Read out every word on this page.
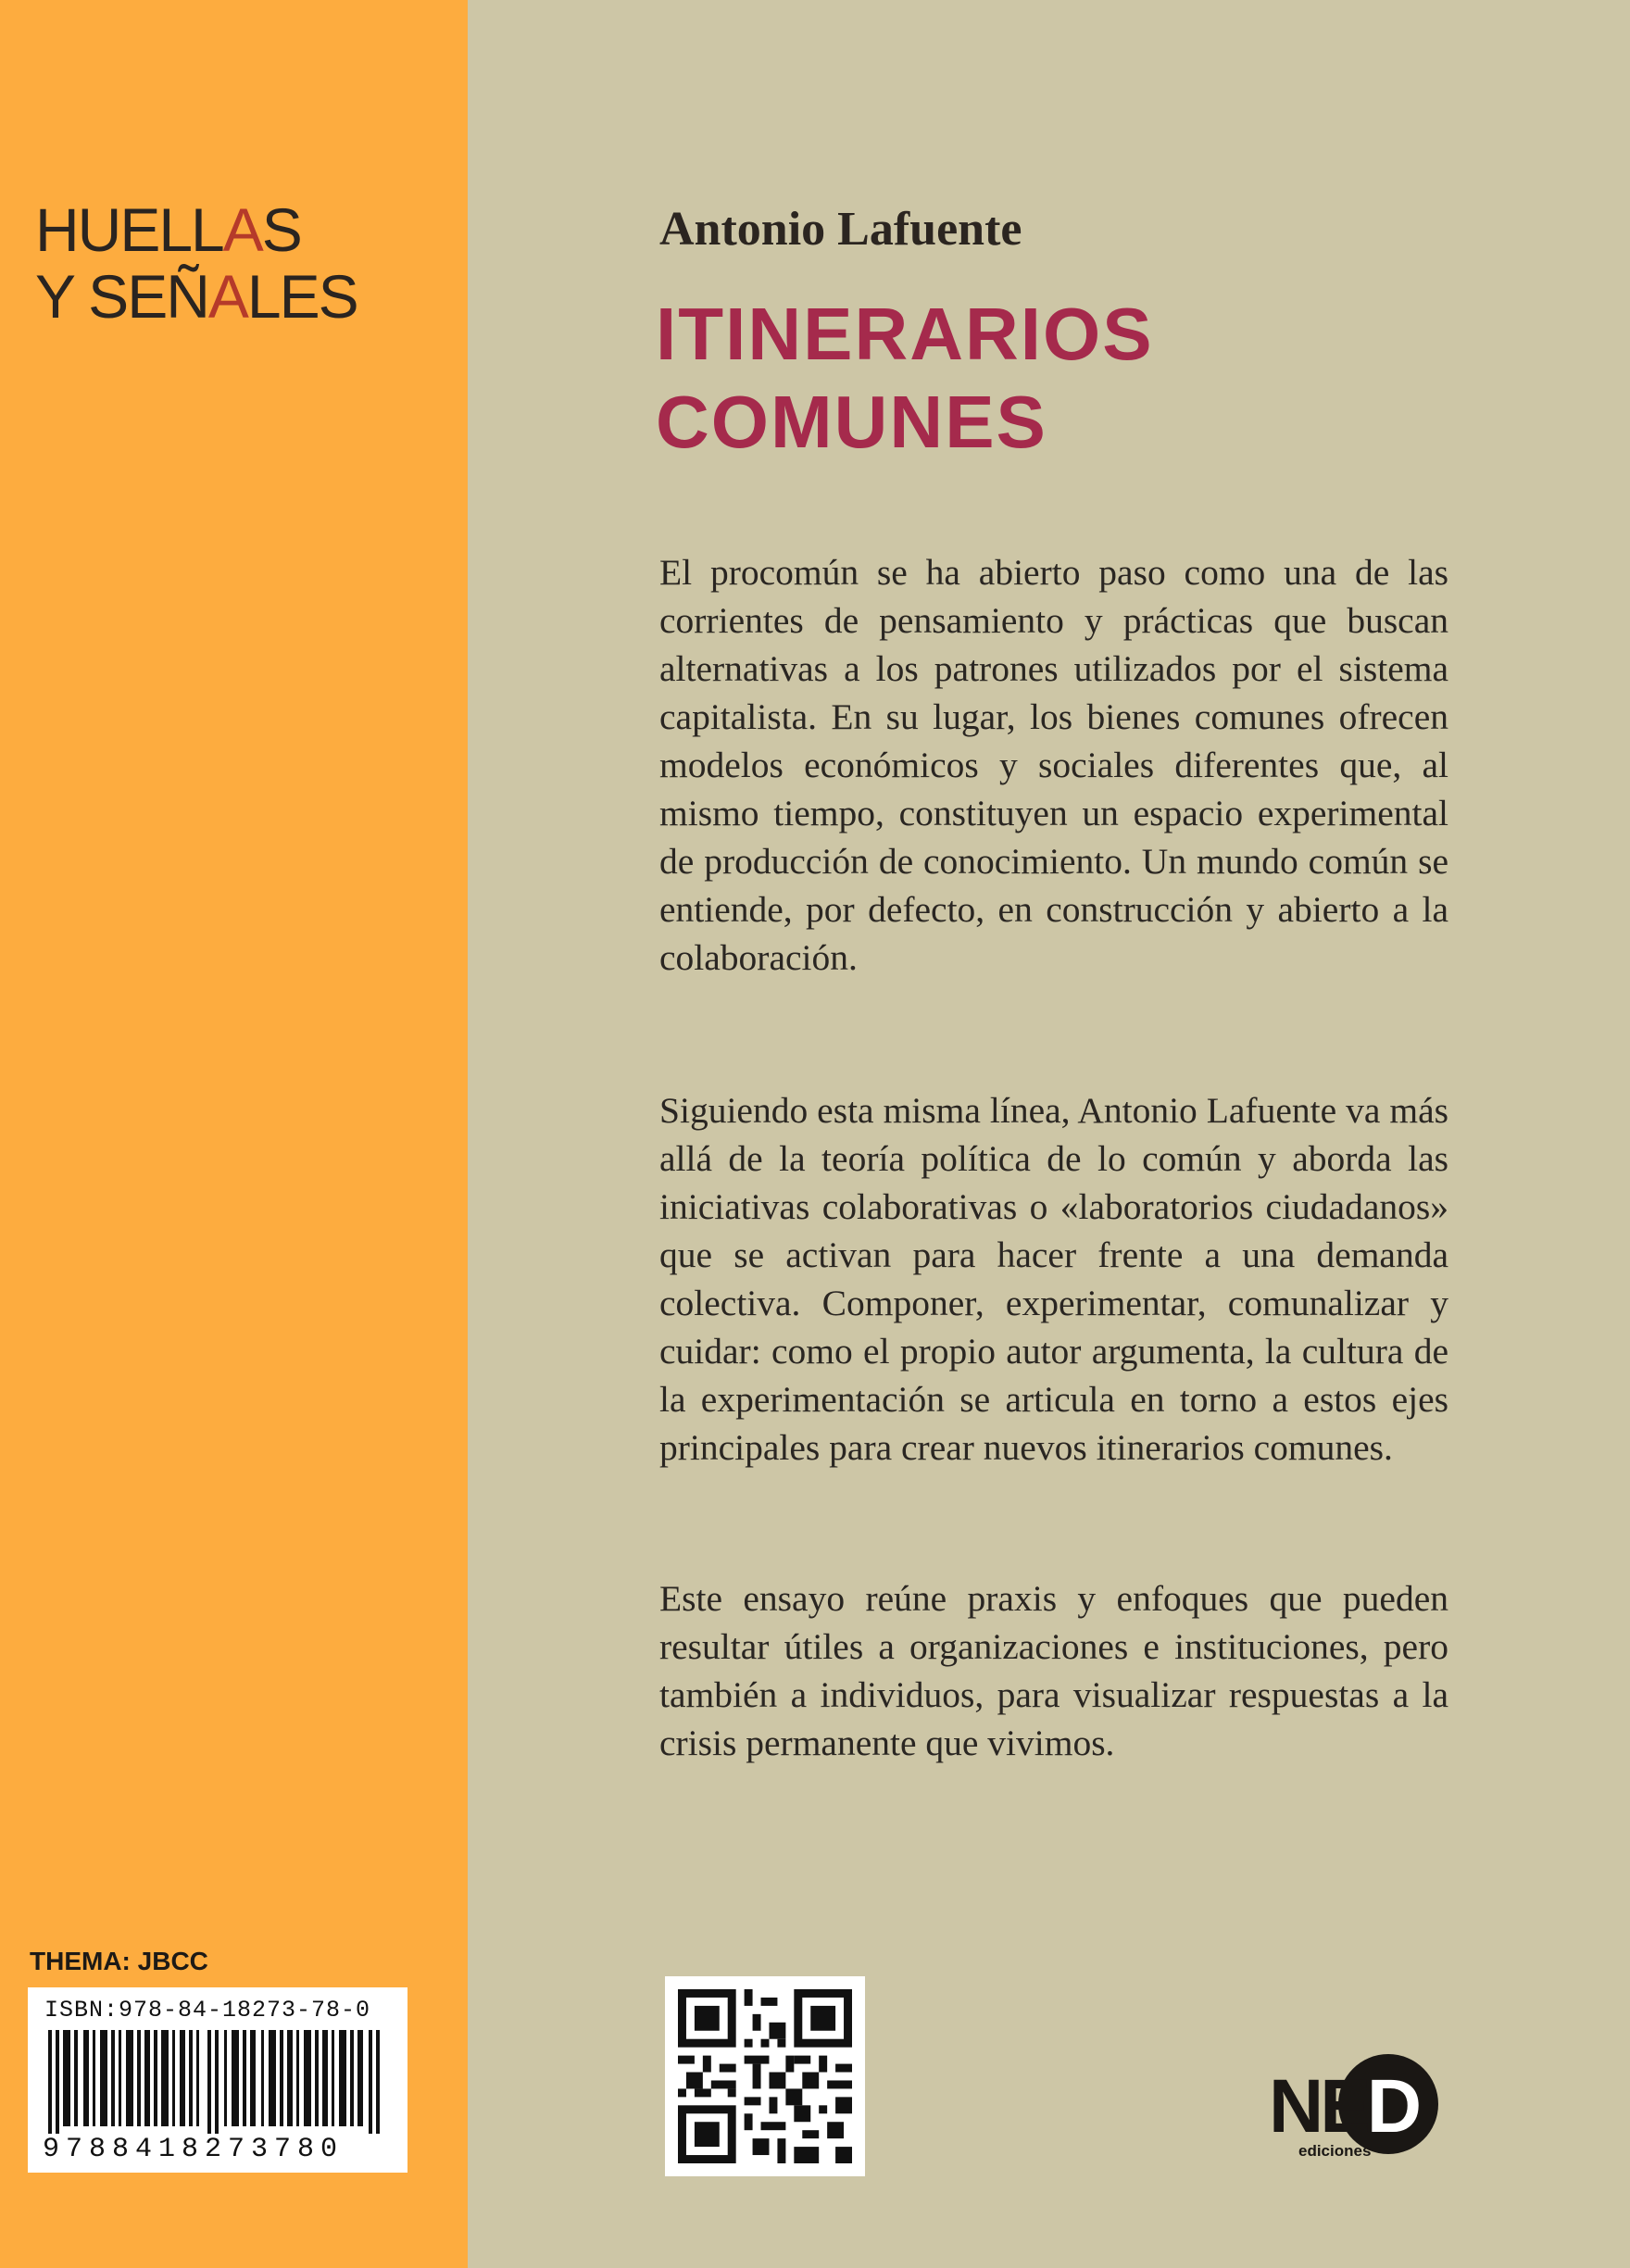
HUELLAS
Y SEÑALES
THEMA: JBCC
ISBN:978-84-18273-78-0
9788418273780
Antonio Lafuente
ITINERARIOS
COMUNES

El procomún se ha abierto paso como una de las corrientes de pensamiento y prácticas que buscan alternativas a los patrones utilizados por el sistema capitalista. En su lugar, los bienes comunes ofrecen modelos económicos y sociales diferentes que, al mismo tiempo, constituyen un espacio experimental de producción de conocimiento. Un mundo común se entiende, por defecto, en construcción y abierto a la colaboración.

Siguiendo esta misma línea, Antonio Lafuente va más allá de la teoría política de lo común y aborda las iniciativas colaborativas o «laboratorios ciudadanos» que se activan para hacer frente a una demanda colectiva. Componer, experimentar, comunalizar y cuidar: como el propio autor argumenta, la cultura de la experimentación se articula en torno a estos ejes principales para crear nuevos itinerarios comunes.

Este ensayo reúne praxis y enfoques que pueden resultar útiles a organizaciones e instituciones, pero también a individuos, para visualizar respuestas a la crisis permanente que vivimos.

NED
ediciones
